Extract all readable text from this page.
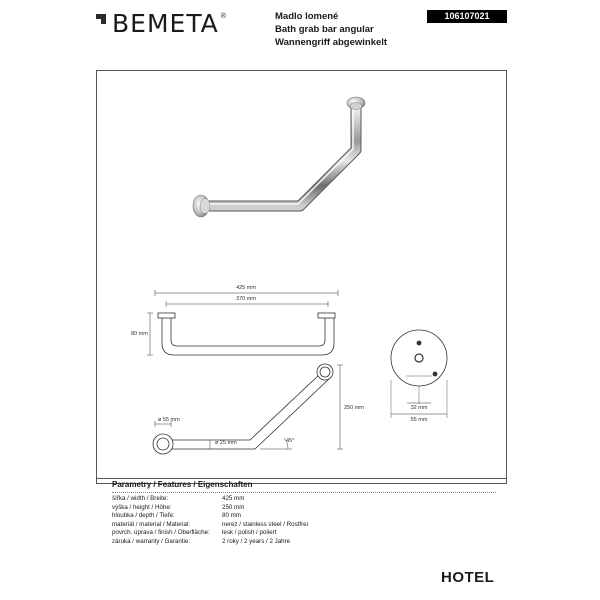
BEMETA ®	Madlo lomené
Bath grab bar angular
Wannengriff abgewinkelt
106107021
425 mm
370 mm
80 mm
ø 55 mm
ø 25 mm	45°
250 mm	32 mm
55 mm
Parametry / Features / Eigenschaften
šířka / width / Breite:	425 mm
výška / height / Höhe:	250 mm
hloubka / depth / Tiefe:	80 mm
materiál / material / Material:	nerez / stainless steel / Rostfrei
povrch. úprava / finish / Oberfläche:	lesk / polish / poliert
záruka / warranty / Garantie:	2 roky / 2 years / 2 Jahre
HOTEL
